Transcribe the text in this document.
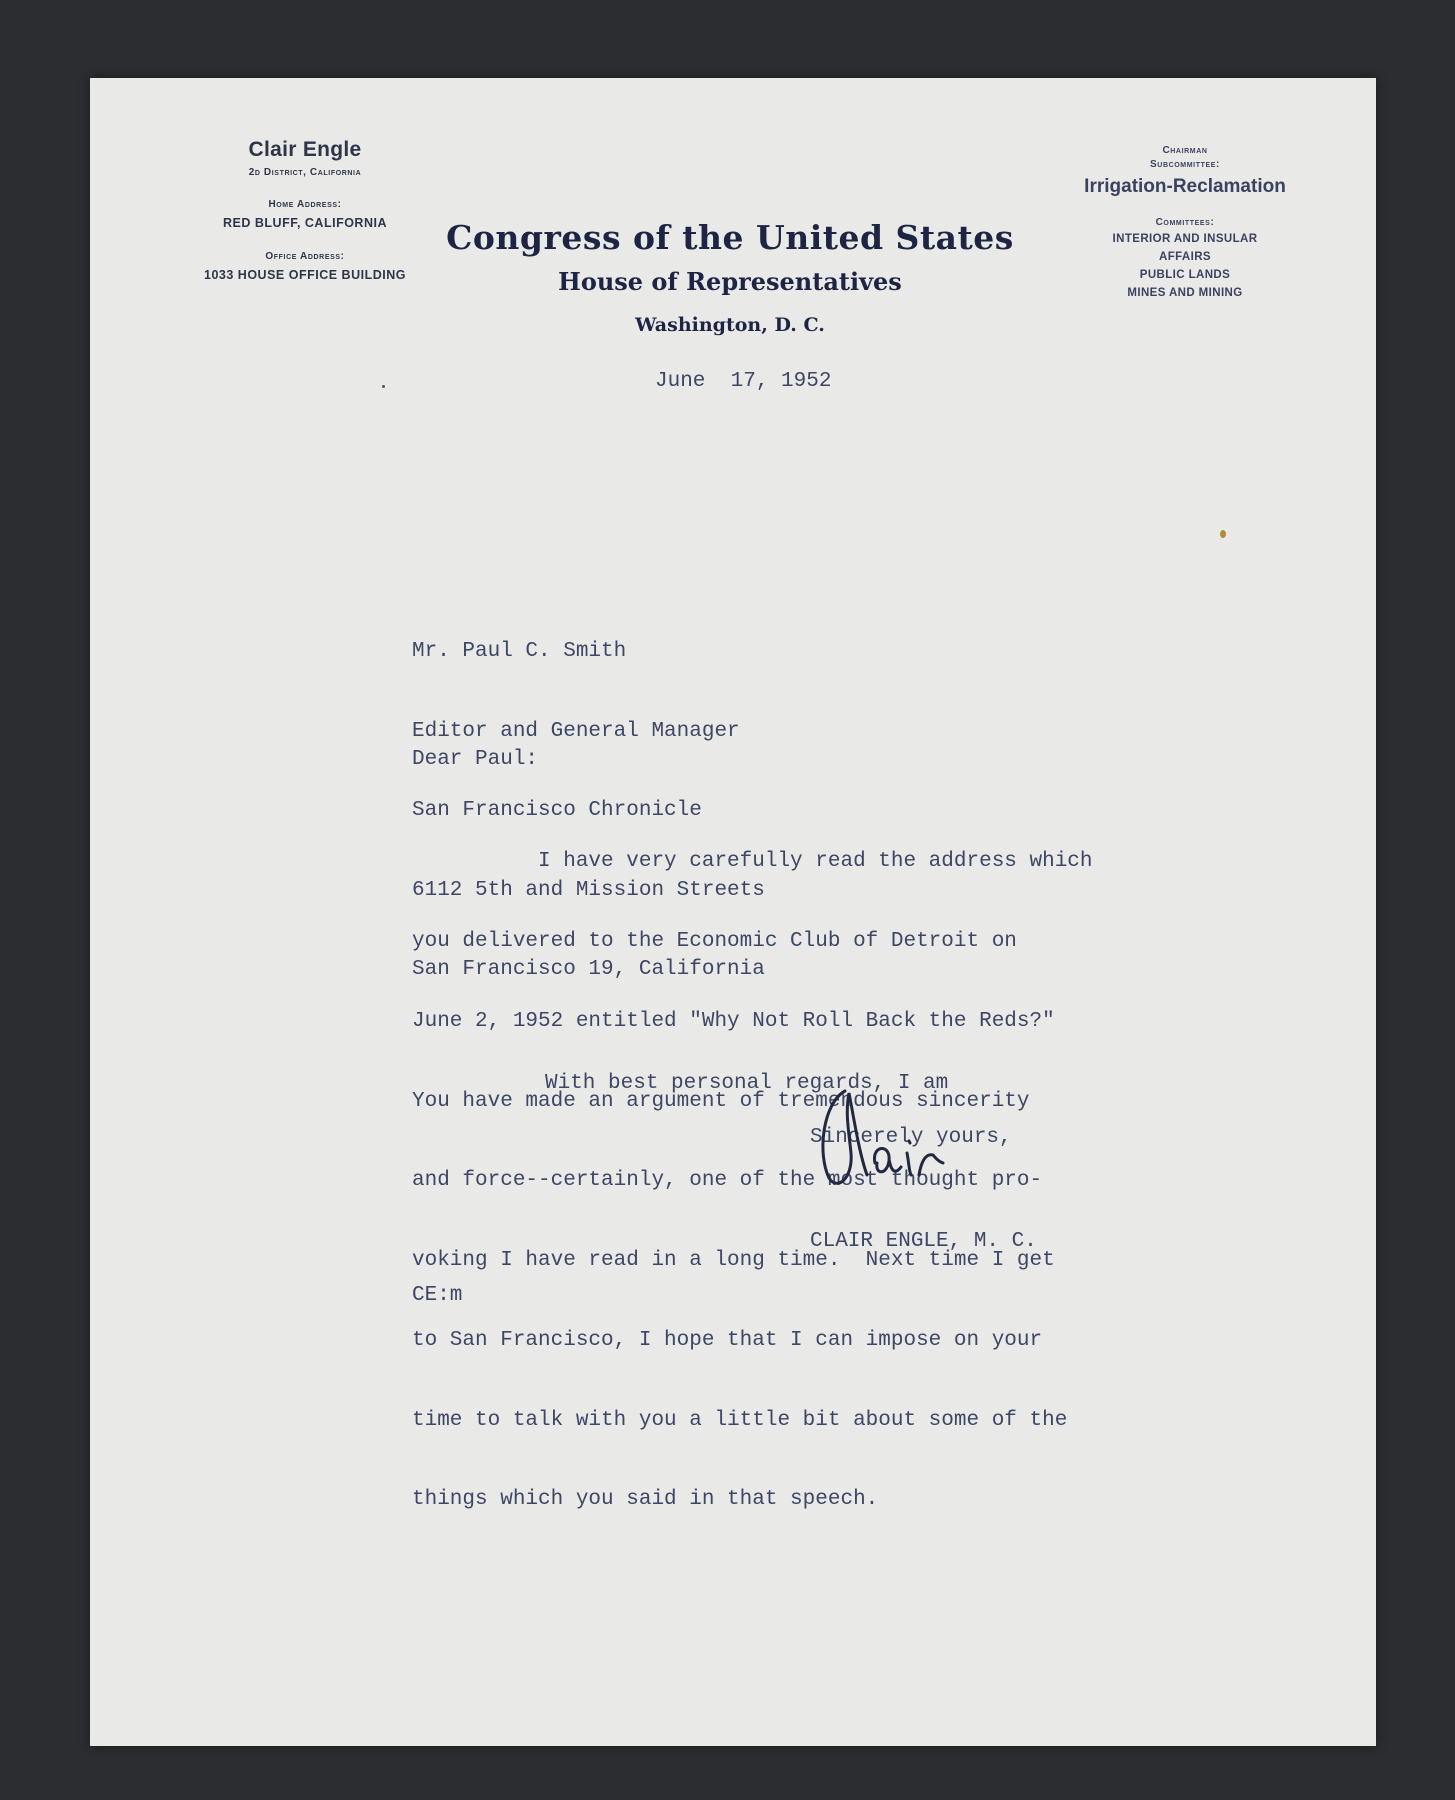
Clair Engle
2d District, California
Home Address:
RED BLUFF, CALIFORNIA
Office Address:
1033 HOUSE OFFICE BUILDING
Congress of the United States
House of Representatives
Washington, D. C.
Chairman
Subcommittee:
Irrigation-Reclamation
Committees:
INTERIOR AND INSULAR
AFFAIRS
PUBLIC LANDS
MINES AND MINING
June  17, 1952

Mr. Paul C. Smith

Editor and General Manager

San Francisco Chronicle

6112 5th and Mission Streets

San Francisco 19, California

Dear Paul:

I have very carefully read the address which

you delivered to the Economic Club of Detroit on

June 2, 1952 entitled "Why Not Roll Back the Reds?"

You have made an argument of tremendous sincerity

and force--certainly, one of the most thought pro-

voking I have read in a long time.  Next time I get

to San Francisco, I hope that I can impose on your

time to talk with you a little bit about some of the

things which you said in that speech.

With best personal regards, I am
Sincerely yours,
CLAIR ENGLE, M. C.
CE:m
